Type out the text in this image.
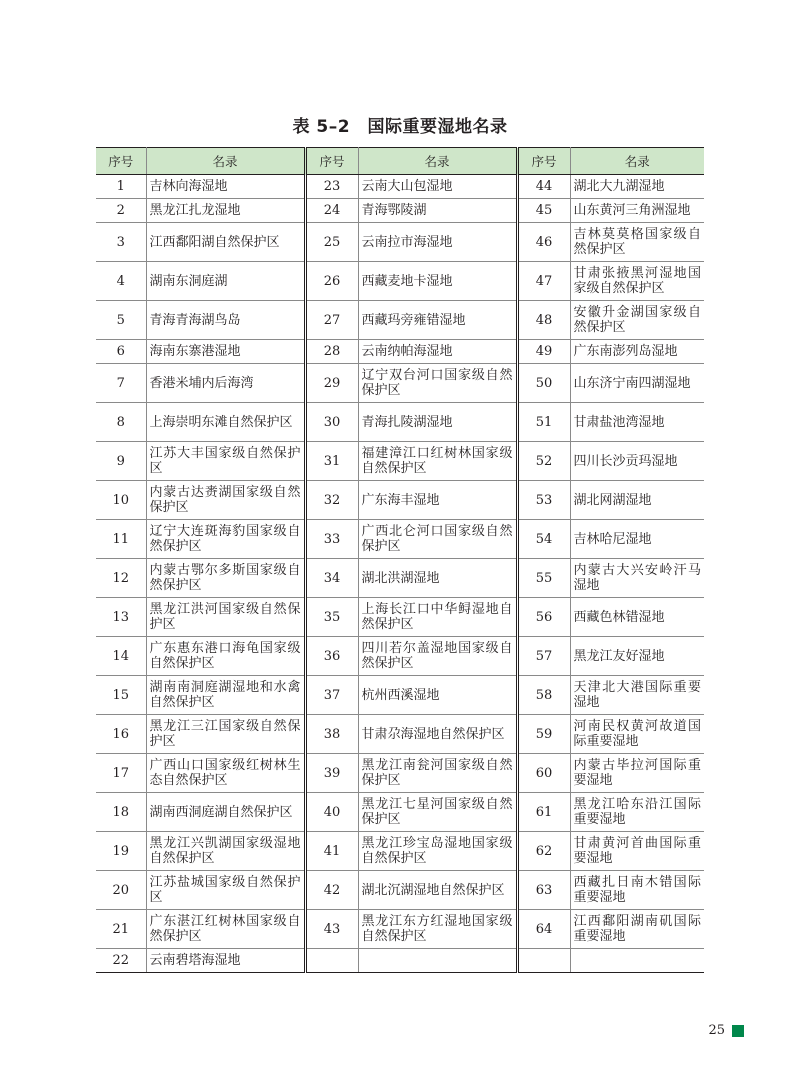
表 5–2　国际重要湿地名录
序号	名录	序号	名录	序号	名录
1	吉林向海湿地	23	云南大山包湿地	44	湖北大九湖湿地
2	黑龙江扎龙湿地	24	青海鄂陵湖	45	山东黄河三角洲湿地
3	江西鄱阳湖自然保护区	25	云南拉市海湿地	46	吉林莫莫格国家级自然保护区
4	湖南东洞庭湖	26	西藏麦地卡湿地	47	甘肃张掖黑河湿地国家级自然保护区
5	青海青海湖鸟岛	27	西藏玛旁雍错湿地	48	安徽升金湖国家级自然保护区
6	海南东寨港湿地	28	云南纳帕海湿地	49	广东南澎列岛湿地
7	香港米埔内后海湾	29	辽宁双台河口国家级自然保护区	50	山东济宁南四湖湿地
8	上海崇明东滩自然保护区	30	青海扎陵湖湿地	51	甘肃盐池湾湿地
9	江苏大丰国家级自然保护区	31	福建漳江口红树林国家级自然保护区	52	四川长沙贡玛湿地
10	内蒙古达赉湖国家级自然保护区	32	广东海丰湿地	53	湖北网湖湿地
11	辽宁大连斑海豹国家级自然保护区	33	广西北仑河口国家级自然保护区	54	吉林哈尼湿地
12	内蒙古鄂尔多斯国家级自然保护区	34	湖北洪湖湿地	55	内蒙古大兴安岭汗马湿地
13	黑龙江洪河国家级自然保护区	35	上海长江口中华鲟湿地自然保护区	56	西藏色林错湿地
14	广东惠东港口海龟国家级自然保护区	36	四川若尔盖湿地国家级自然保护区	57	黑龙江友好湿地
15	湖南南洞庭湖湿地和水禽自然保护区	37	杭州西溪湿地	58	天津北大港国际重要湿地
16	黑龙江三江国家级自然保护区	38	甘肃尕海湿地自然保护区	59	河南民权黄河故道国际重要湿地
17	广西山口国家级红树林生态自然保护区	39	黑龙江南瓮河国家级自然保护区	60	内蒙古毕拉河国际重要湿地
18	湖南西洞庭湖自然保护区	40	黑龙江七星河国家级自然保护区	61	黑龙江哈东沿江国际重要湿地
19	黑龙江兴凯湖国家级湿地自然保护区	41	黑龙江珍宝岛湿地国家级自然保护区	62	甘肃黄河首曲国际重要湿地
20	江苏盐城国家级自然保护区	42	湖北沉湖湿地自然保护区	63	西藏扎日南木错国际重要湿地
21	广东湛江红树林国家级自然保护区	43	黑龙江东方红湿地国家级自然保护区	64	江西鄱阳湖南矶国际重要湿地
22	云南碧塔海湿地				
25
